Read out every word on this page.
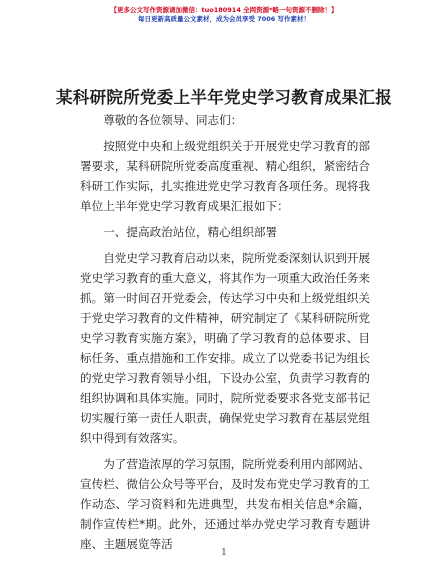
【更多公文写作资源请加微信：tuo180914 全网资源*略一句资源不删除！】
每日更新高质量公文素材，成为会员享受 7006 写作素材！
某科研院所党委上半年党史学习教育成果汇报

尊敬的各位领导、同志们：

按照党中央和上级党组织关于开展党史学习教育的部署要求，某科研院所党委高度重视、精心组织，紧密结合科研工作实际，扎实推进党史学习教育各项任务。现将我单位上半年党史学习教育成果汇报如下：

一、提高政治站位，精心组织部署

自党史学习教育启动以来，院所党委深刻认识到开展党史学习教育的重大意义，将其作为一项重大政治任务来抓。第一时间召开党委会，传达学习中央和上级党组织关于党史学习教育的文件精神，研究制定了《某科研院所党史学习教育实施方案》，明确了学习教育的总体要求、目标任务、重点措施和工作安排。成立了以党委书记为组长的党史学习教育领导小组，下设办公室，负责学习教育的组织协调和具体实施。同时，院所党委要求各党支部书记切实履行第一责任人职责，确保党史学习教育在基层党组织中得到有效落实。

为了营造浓厚的学习氛围，院所党委利用内部网站、宣传栏、微信公众号等平台，及时发布党史学习教育的工作动态、学习资料和先进典型，共发布相关信息*余篇，制作宣传栏*期。此外，还通过举办党史学习教育专题讲座、主题展览等活

1
